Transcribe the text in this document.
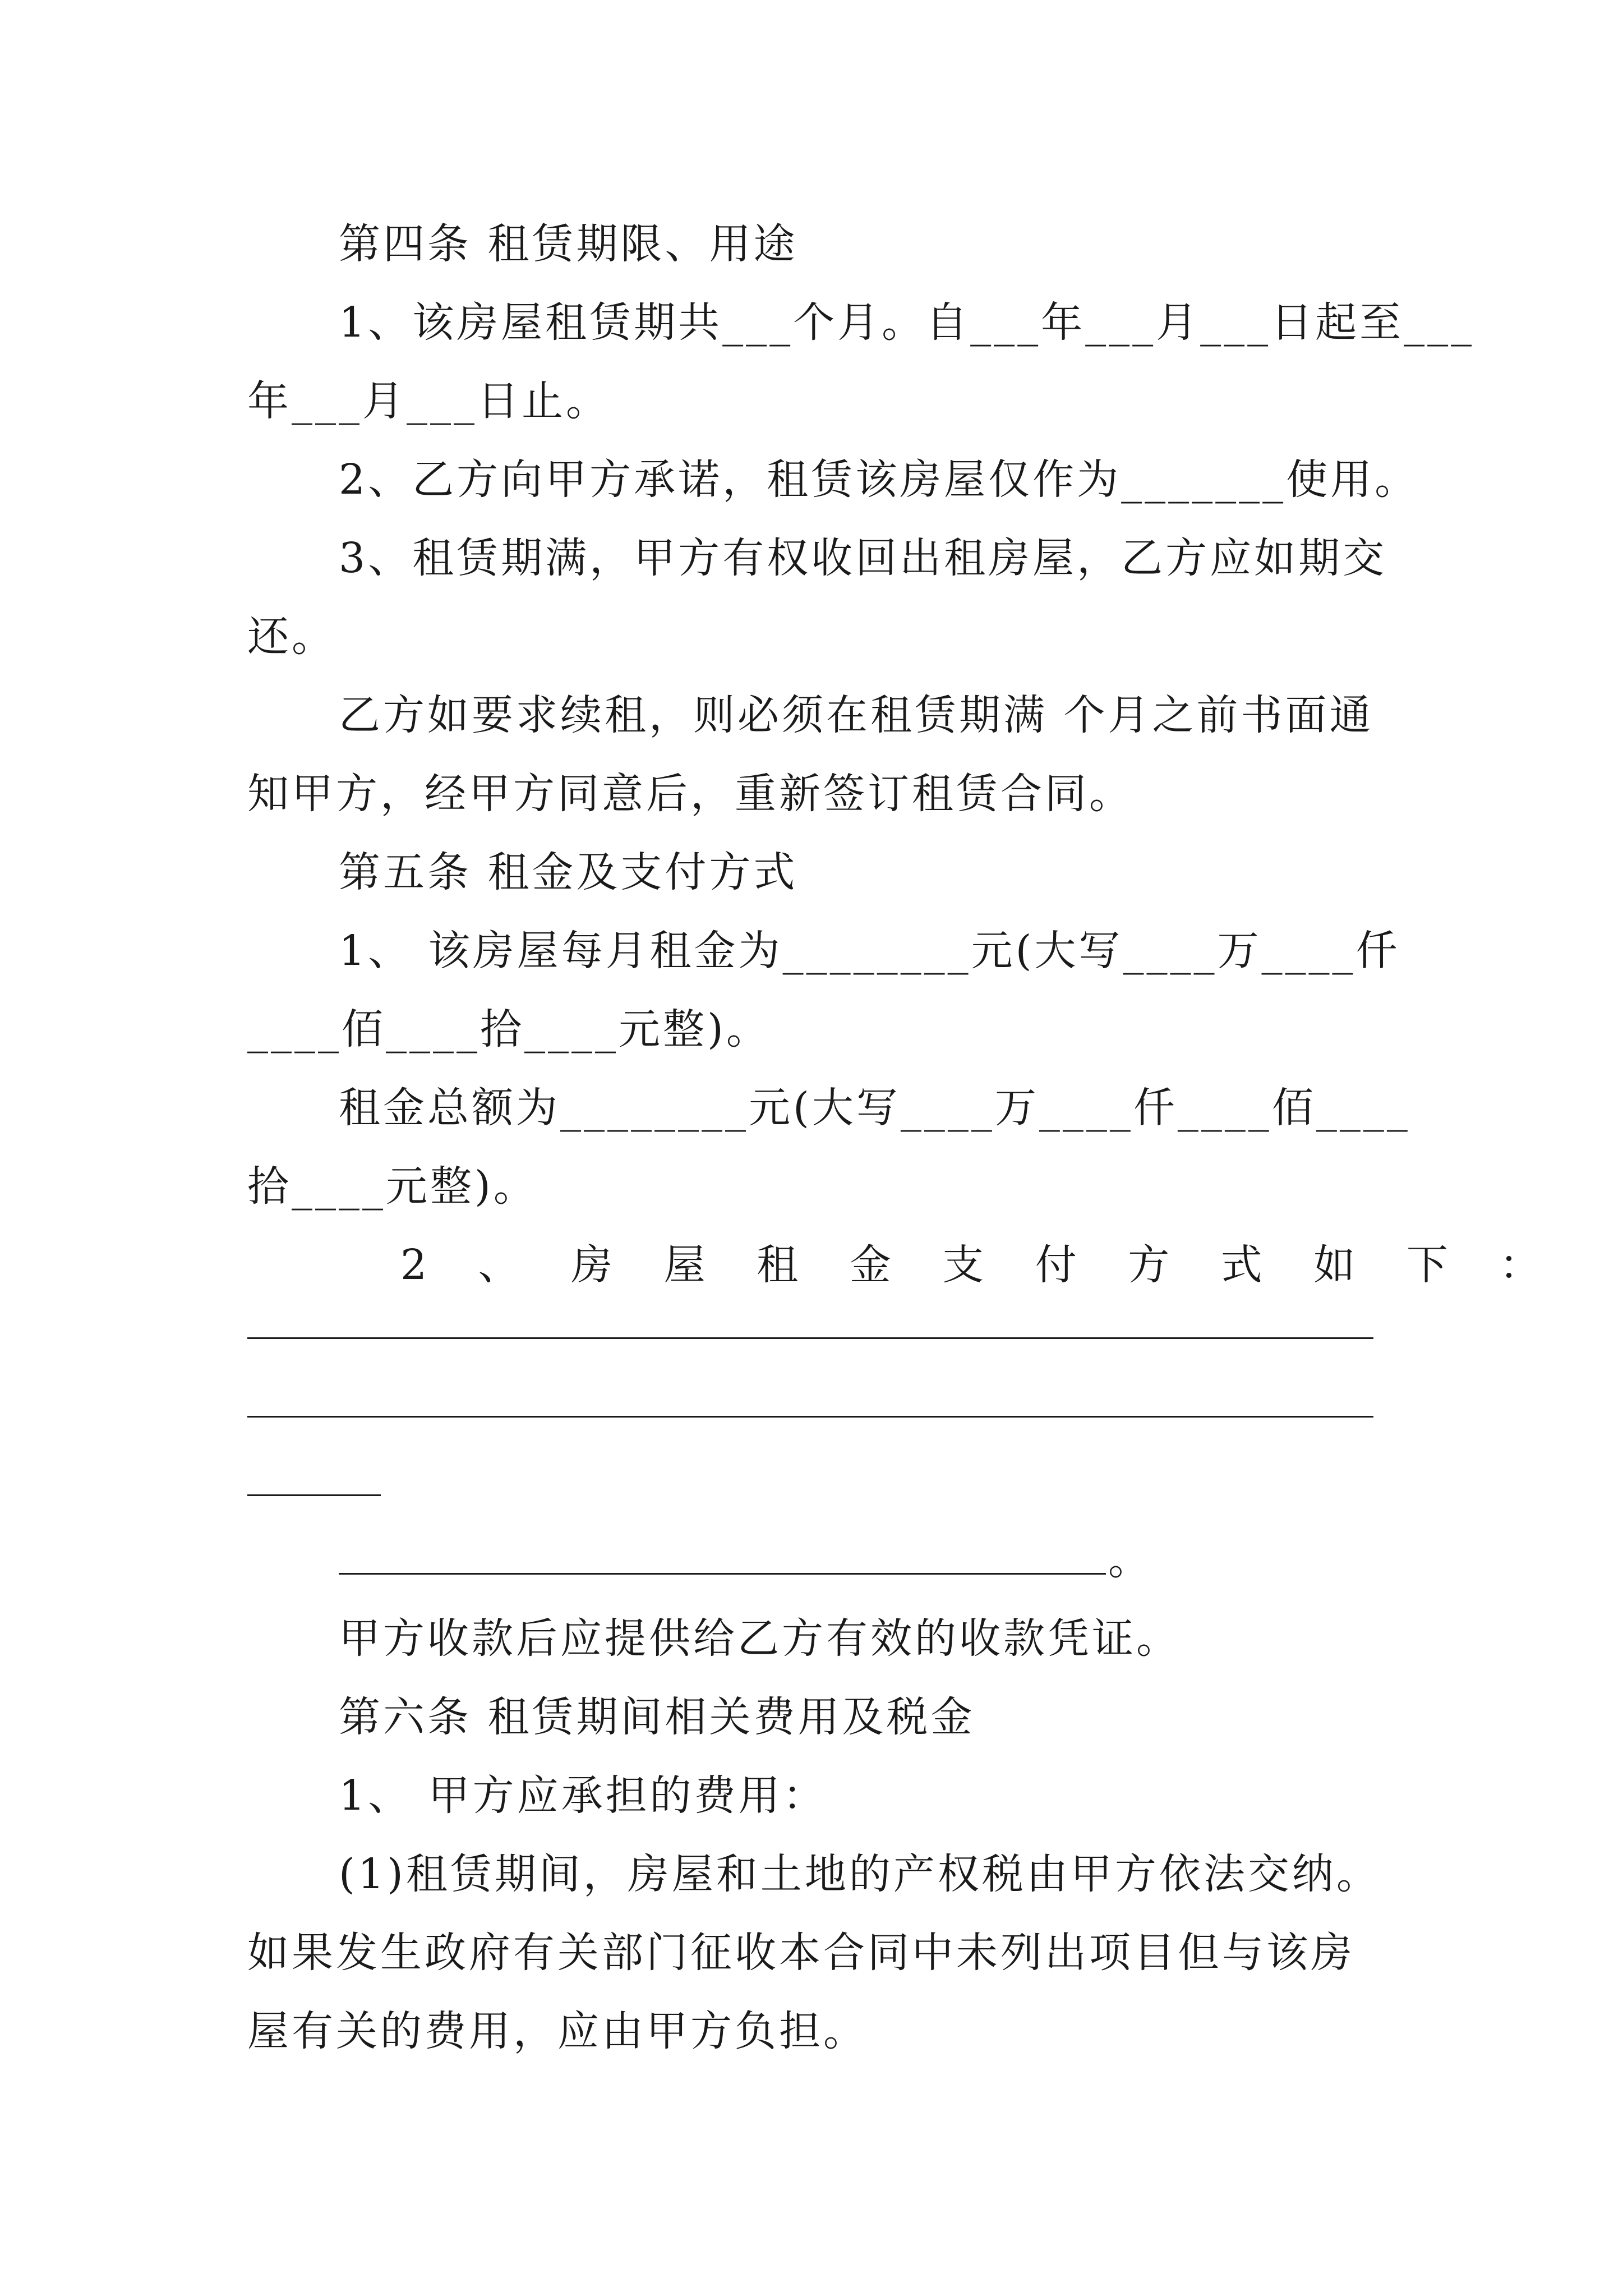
第四条 租赁期限、用途
1、该房屋租赁期共___个月。自___年___月___日起至___
年___月___日止。
2、乙方向甲方承诺，租赁该房屋仅作为_______使用。
3、租赁期满，甲方有权收回出租房屋，乙方应如期交
还。
乙方如要求续租，则必须在租赁期满 个月之前书面通
知甲方，经甲方同意后，重新签订租赁合同。
第五条 租金及支付方式
1、 该房屋每月租金为________元(大写____万____仟
____佰____拾____元整)。
租金总额为________元(大写____万____仟____佰____
拾____元整)。
2 、 房 屋 租 金 支 付 方 式 如 下 ：
。
甲方收款后应提供给乙方有效的收款凭证。
第六条 租赁期间相关费用及税金
1、 甲方应承担的费用：
(1)租赁期间，房屋和土地的产权税由甲方依法交纳。
如果发生政府有关部门征收本合同中未列出项目但与该房
屋有关的费用，应由甲方负担。
